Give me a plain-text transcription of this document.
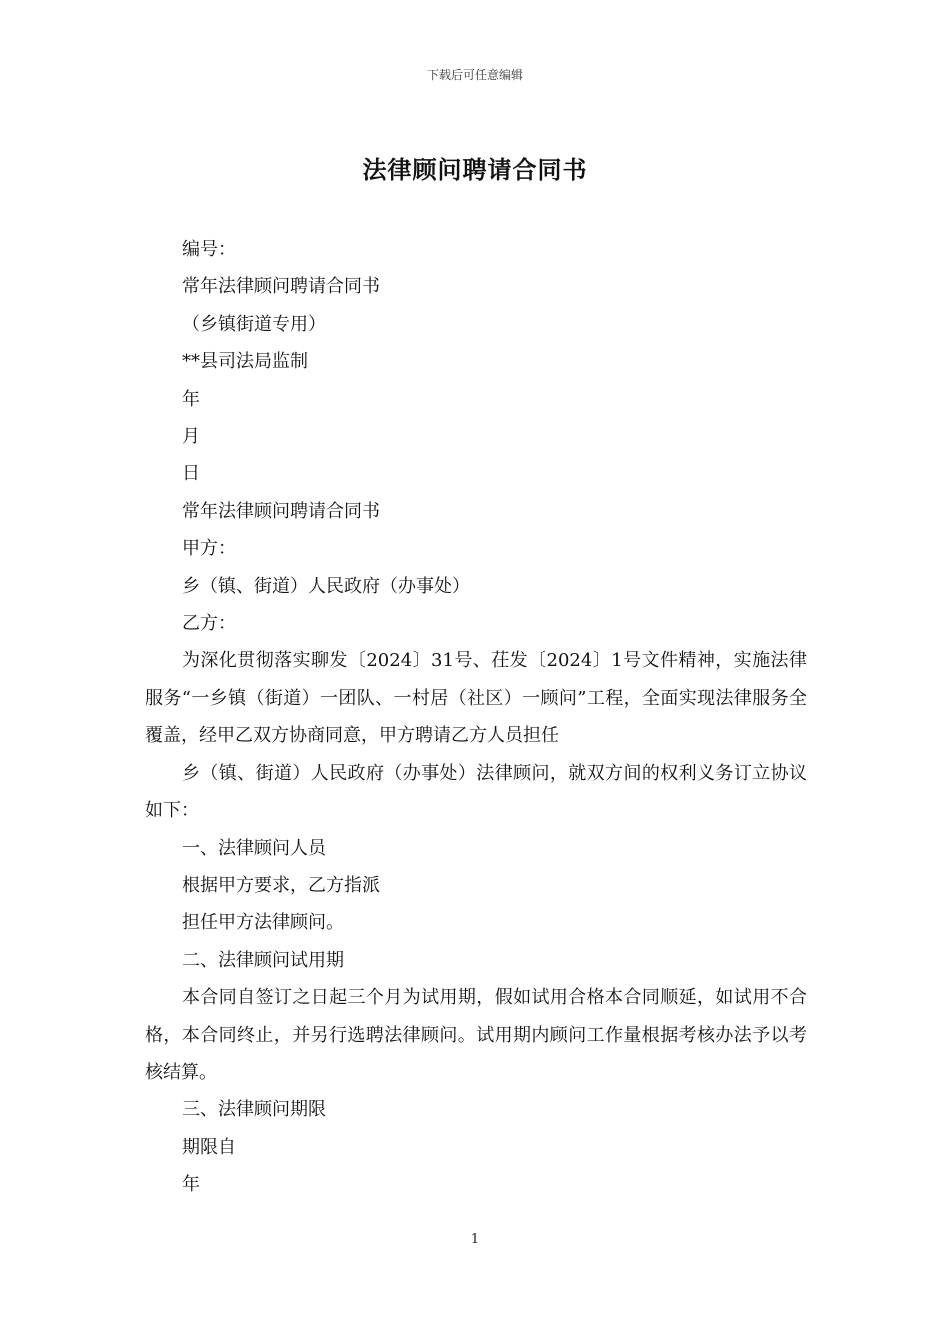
下载后可任意编辑
法律顾问聘请合同书

编号：

常年法律顾问聘请合同书

（乡镇街道专用）

**县司法局监制

年

月

日

常年法律顾问聘请合同书

甲方：

乡（镇、街道）人民政府（办事处）

乙方：

为深化贯彻落实聊发〔2024〕31号、茌发〔2024〕1号文件精神，实施法律服务“一乡镇（街道）一团队、一村居（社区）一顾问”工程，全面实现法律服务全覆盖，经甲乙双方协商同意，甲方聘请乙方人员担任

乡（镇、街道）人民政府（办事处）法律顾问，就双方间的权利义务订立协议如下：

一、法律顾问人员

根据甲方要求，乙方指派

担任甲方法律顾问。

二、法律顾问试用期

本合同自签订之日起三个月为试用期，假如试用合格本合同顺延，如试用不合格，本合同终止，并另行选聘法律顾问。试用期内顾问工作量根据考核办法予以考核结算。

三、法律顾问期限

期限自

年

1
